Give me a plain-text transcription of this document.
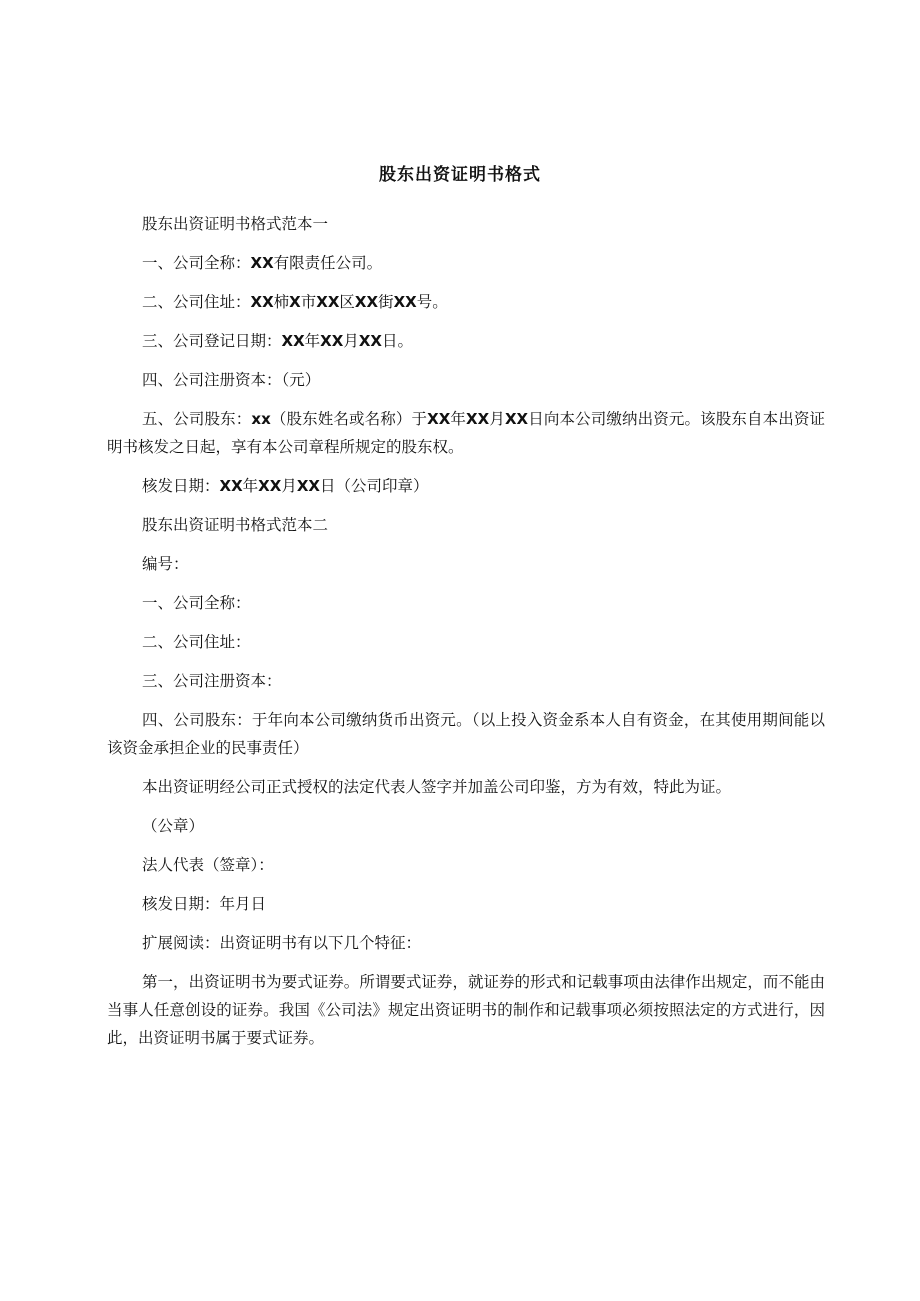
股东出资证明书格式

股东出资证明书格式范本一

一、公司全称：XX有限责任公司。

二、公司住址：XX柿X市XX区XX街XX号。

三、公司登记日期：XX年XX月XX日。

四、公司注册资本：（元）

五、公司股东：xx（股东姓名或名称）于XX年XX月XX日向本公司缴纳出资元。该股东自本出资证明书核发之日起，享有本公司章程所规定的股东权。

核发日期：XX年XX月XX日（公司印章）

股东出资证明书格式范本二

编号：

一、公司全称：

二、公司住址：

三、公司注册资本：

四、公司股东：于年向本公司缴纳货币出资元。（以上投入资金系本人自有资金，在其使用期间能以该资金承担企业的民事责任）

本出资证明经公司正式授权的法定代表人签字并加盖公司印鉴，方为有效，特此为证。

（公章）

法人代表（签章）：

核发日期：年月日

扩展阅读：出资证明书有以下几个特征：

第一，出资证明书为要式证券。所谓要式证券，就证券的形式和记载事项由法律作出规定，而不能由当事人任意创设的证券。我国《公司法》规定出资证明书的制作和记载事项必须按照法定的方式进行，因此，出资证明书属于要式证券。
